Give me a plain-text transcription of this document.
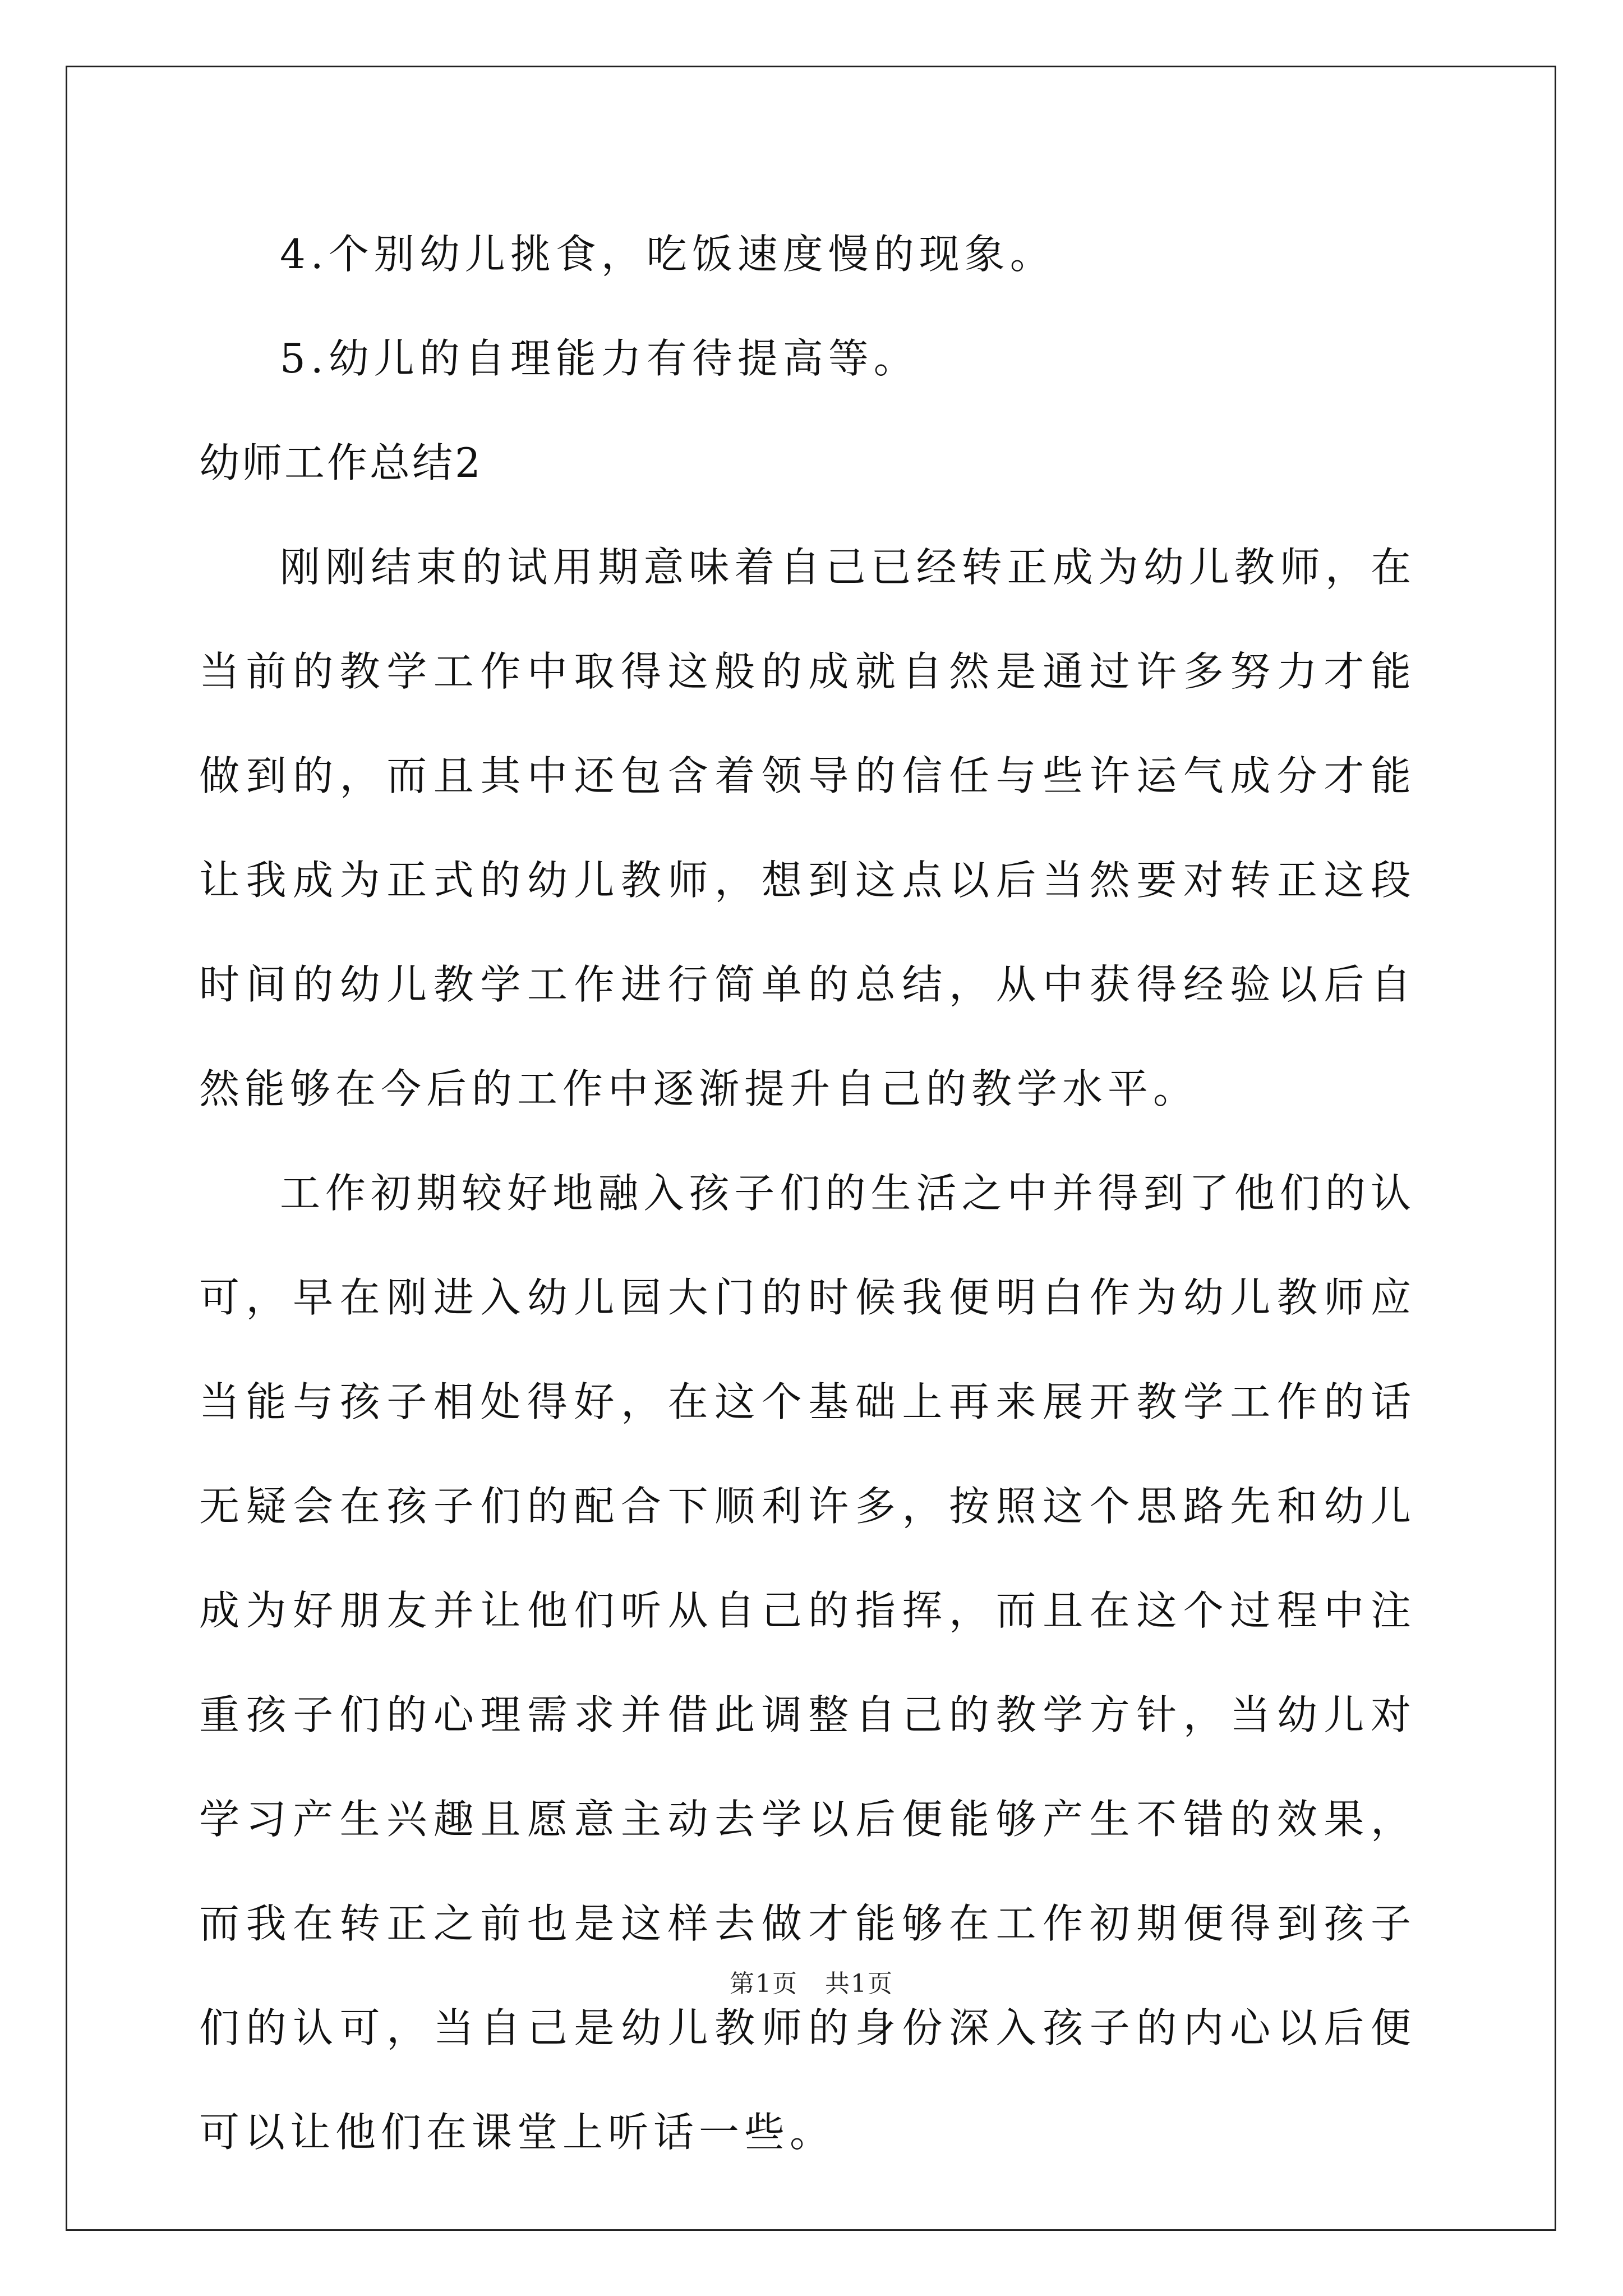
4.个别幼儿挑食，吃饭速度慢的现象。

5.幼儿的自理能力有待提高等。

幼师工作总结2

刚刚结束的试用期意味着自己已经转正成为幼儿教师，在当前的教学工作中取得这般的成就自然是通过许多努力才能做到的，而且其中还包含着领导的信任与些许运气成分才能让我成为正式的幼儿教师，想到这点以后当然要对转正这段时间的幼儿教学工作进行简单的总结，从中获得经验以后自然能够在今后的工作中逐渐提升自己的教学水平。

工作初期较好地融入孩子们的生活之中并得到了他们的认可，早在刚进入幼儿园大门的时候我便明白作为幼儿教师应当能与孩子相处得好，在这个基础上再来展开教学工作的话无疑会在孩子们的配合下顺利许多，按照这个思路先和幼儿成为好朋友并让他们听从自己的指挥，而且在这个过程中注重孩子们的心理需求并借此调整自己的教学方针，当幼儿对学习产生兴趣且愿意主动去学以后便能够产生不错的效果，而我在转正之前也是这样去做才能够在工作初期便得到孩子们的认可，当自己是幼儿教师的身份深入孩子的内心以后便可以让他们在课堂上听话一些。

第1页   共1页
